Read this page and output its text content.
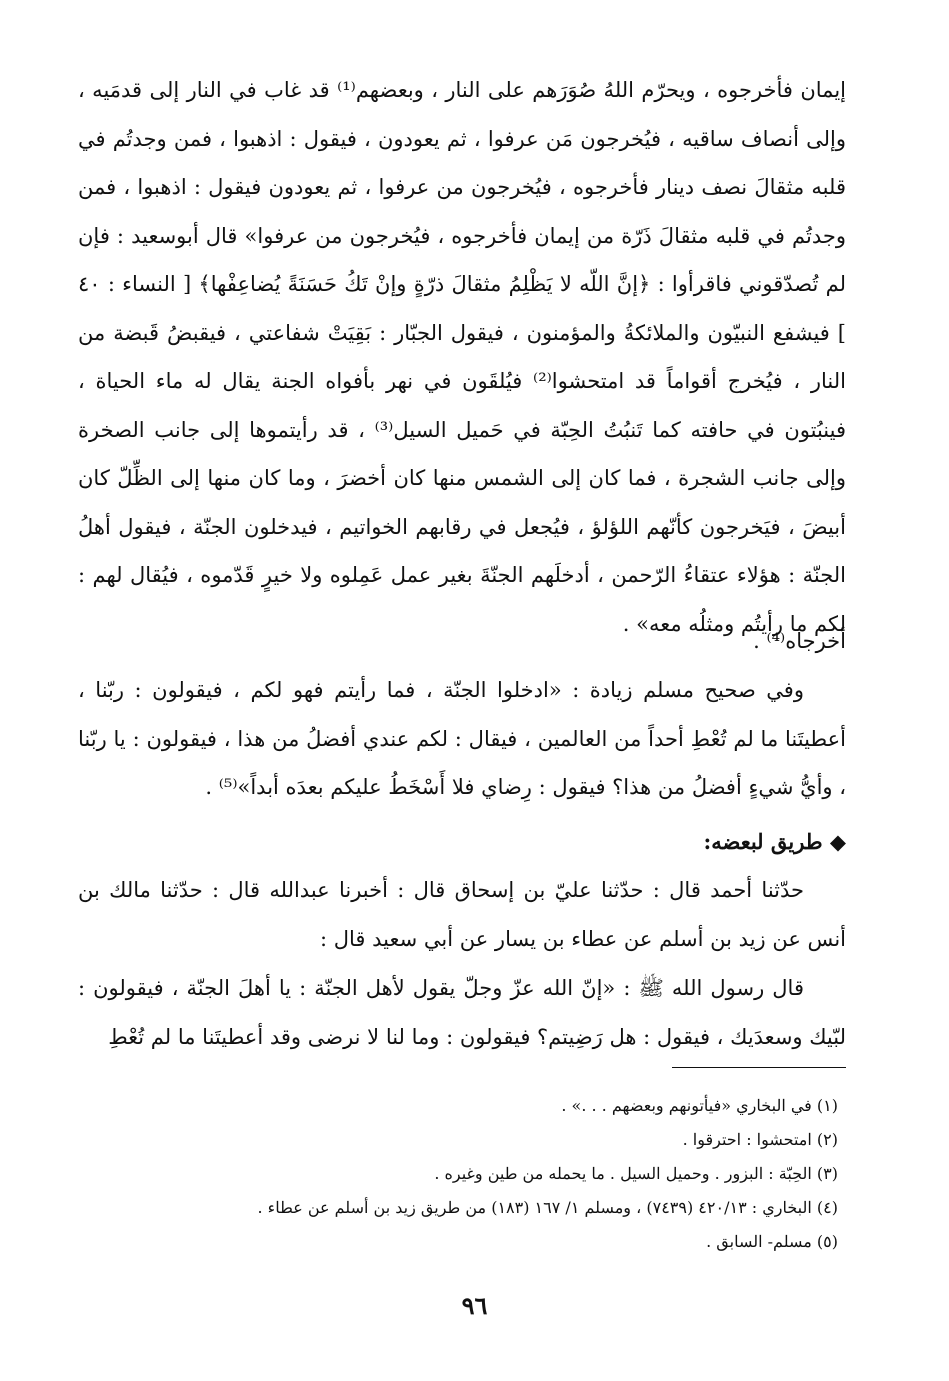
إيمان فأخرجوه ، ويحرّم اللهُ صُوَرَهم على النار ، وبعضهم⁽¹⁾ قد غاب في النار إلى قدمَيه ، وإلى أنصاف ساقيه ، فيُخرجون مَن عرفوا ، ثم يعودون ، فيقول : اذهبوا ، فمن وجدتُم في قلبه مثقالَ نصف دينار فأخرجوه ، فيُخرجون من عرفوا ، ثم يعودون فيقول : اذهبوا ، فمن وجدتُم في قلبه مثقالَ ذَرّة من إيمان فأخرجوه ، فيُخرجون من عرفوا» قال أبوسعيد : فإن لم تُصدّقوني فاقرأوا : ﴿إنَّ اللّه لا يَظْلِمُ مثقالَ ذرّةٍ وإنْ تَكُ حَسَنَةً يُضاعِفْها﴾ [ النساء : ٤٠ ] فيشفع النبيّون والملائكةُ والمؤمنون ، فيقول الجبّار : بَقِيَتْ شفاعتي ، فيقبضُ قَبضة من النار ، فيُخرج أقواماً قد امتحشوا⁽²⁾ فيُلقَون في نهر بأفواه الجنة يقال له ماء الحياة ، فينبُتون في حافته كما تَنبُتُ الحِبّة في حَميل السيل⁽³⁾ ، قد رأيتموها إلى جانب الصخرة وإلى جانب الشجرة ، فما كان إلى الشمس منها كان أخضرَ ، وما كان منها إلى الظِّلّ كان أبيضَ ، فيَخرجون كأنّهم اللؤلؤ ، فيُجعل في رقابهم الخواتيم ، فيدخلون الجنّة ، فيقول أهلُ الجنّة : هؤلاء عتقاءُ الرّحمن ، أدخلَهم الجنّةَ بغير عمل عَمِلوه ولا خيرٍ قَدّموه ، فيُقال لهم : لكم ما رأيتُم ومثلُه معه» .

أخرجاه⁽⁴⁾ .

وفي صحيح مسلم زيادة : «ادخلوا الجنّة ، فما رأيتم فهو لكم ، فيقولون : ربّنا ، أعطيتَنا ما لم تُعْطِ أحداً من العالمين ، فيقال : لكم عندي أفضلُ من هذا ، فيقولون : يا ربّنا ، وأيُّ شيءٍ أفضلُ من هذا؟ فيقول : رِضاي فلا أَسْخَطُ عليكم بعدَه أبداً»⁽⁵⁾ .

◆ طريق لبعضه:

حدّثنا أحمد قال : حدّثنا عليّ بن إسحاق قال : أخبرنا عبدالله قال : حدّثنا مالك بن أنس عن زيد بن أسلم عن عطاء بن يسار عن أبي سعيد قال :

قال رسول الله ﷺ : «إنّ الله عزّ وجلّ يقول لأهل الجنّة : يا أهلَ الجنّة ، فيقولون : لبّيك وسعدَيك ، فيقول : هل رَضِيتم؟ فيقولون : وما لنا لا نرضى وقد أعطيتَنا ما لم تُعْطِ

(١) في البخاري «فيأتونهم وبعضهم . . .» .
(٢) امتحشوا : احترقوا .
(٣) الحِبّة : البزور . وحميل السيل . ما يحمله من طين وغيره .
(٤) البخاري : ٤٢٠/١٣ (٧٤٣٩) ، ومسلم ١/ ١٦٧ (١٨٣) من طريق زيد بن أسلم عن عطاء .
(٥) مسلم- السابق .
٩٦
